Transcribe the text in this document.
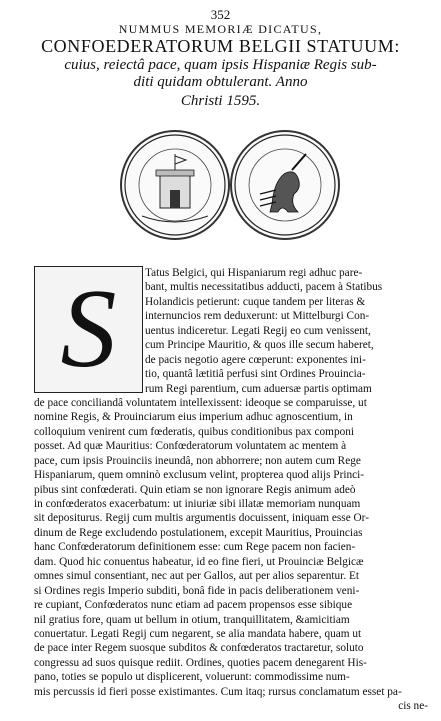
352
NUMMUS MEMORIÆ DICATUS,
CONFOEDERATORUM BELGII STATUUM:
cuius, reiectâ pace, quam ipsis Hispaniæ Regis sub-
diti quidam obtulerant. Anno
Christi 1595.
S	Tatus Belgici, qui Hispaniarum regi adhuc pare-
bant, multis necessitatibus adducti, pacem à Statibus
Holandicis petierunt: cuque tandem per literas &
internuncios rem deduxerunt: ut Mittelburgi Con-
uentus indiceretur. Legati Regij eo cum venissent,
cum Principe Mauritio, & quos ille secum haberet,
de pacis negotio agere cœperunt: exponentes ini-
tio, quantâ lætitiâ perfusi sint Ordines Prouincia-
rum Regi parentium, cum aduersæ partis optimam
de pace conciliandâ voluntatem intellexissent: ideoque se comparuisse, ut
nomine Regis, & Prouinciarum eius imperium adhuc agnoscentium, in
colloquium venirent cum fœderatis, quibus conditionibus pax componi
posset. Ad quæ Mauritius: Confœderatorum voluntatem ac mentem à
pace, cum ipsis Prouinciis ineundâ, non abhorrere; non autem cum Rege
Hispaniarum, quem omninò exclusum velint, propterea quod alijs Princi-
pibus sint confœderati. Quin etiam se non ignorare Regis animum adeò
in confœderatos exacerbatum: ut iniuriæ sibi illatæ memoriam nunquam
sit depositurus. Regij cum multis argumentis docuissent, iniquam esse Or-
dinum de Rege excludendo postulationem, excepit Mauritius, Prouincias
hanc Confœderatorum definitionem esse: cum Rege pacem non facien-
dam. Quod hic conuentus habeatur, id eo fine fieri, ut Prouinciæ Belgicæ
omnes simul consentiant, nec aut per Gallos, aut per alios separentur. Et
si Ordines regis Imperio subditi, bonâ fide in pacis deliberationem veni-
re cupiant, Confœderatos nunc etiam ad pacem propensos esse sibique
nil gratius fore, quam ut bellum in otium, tranquillitatem, &amicitiam
conuertatur. Legati Regij cum negarent, se alia mandata habere, quam ut
de pace inter Regem suosque subditos & confœderatos tractaretur, soluto
congressu ad suos quisque rediit. Ordines, quoties pacem denegarent His-
pano, toties se populo ut displicerent, voluerunt: commodissime num-
mis percussis id fieri posse existimantes. Cum itaq; rursus conclamatum esset pa-
cis ne-
